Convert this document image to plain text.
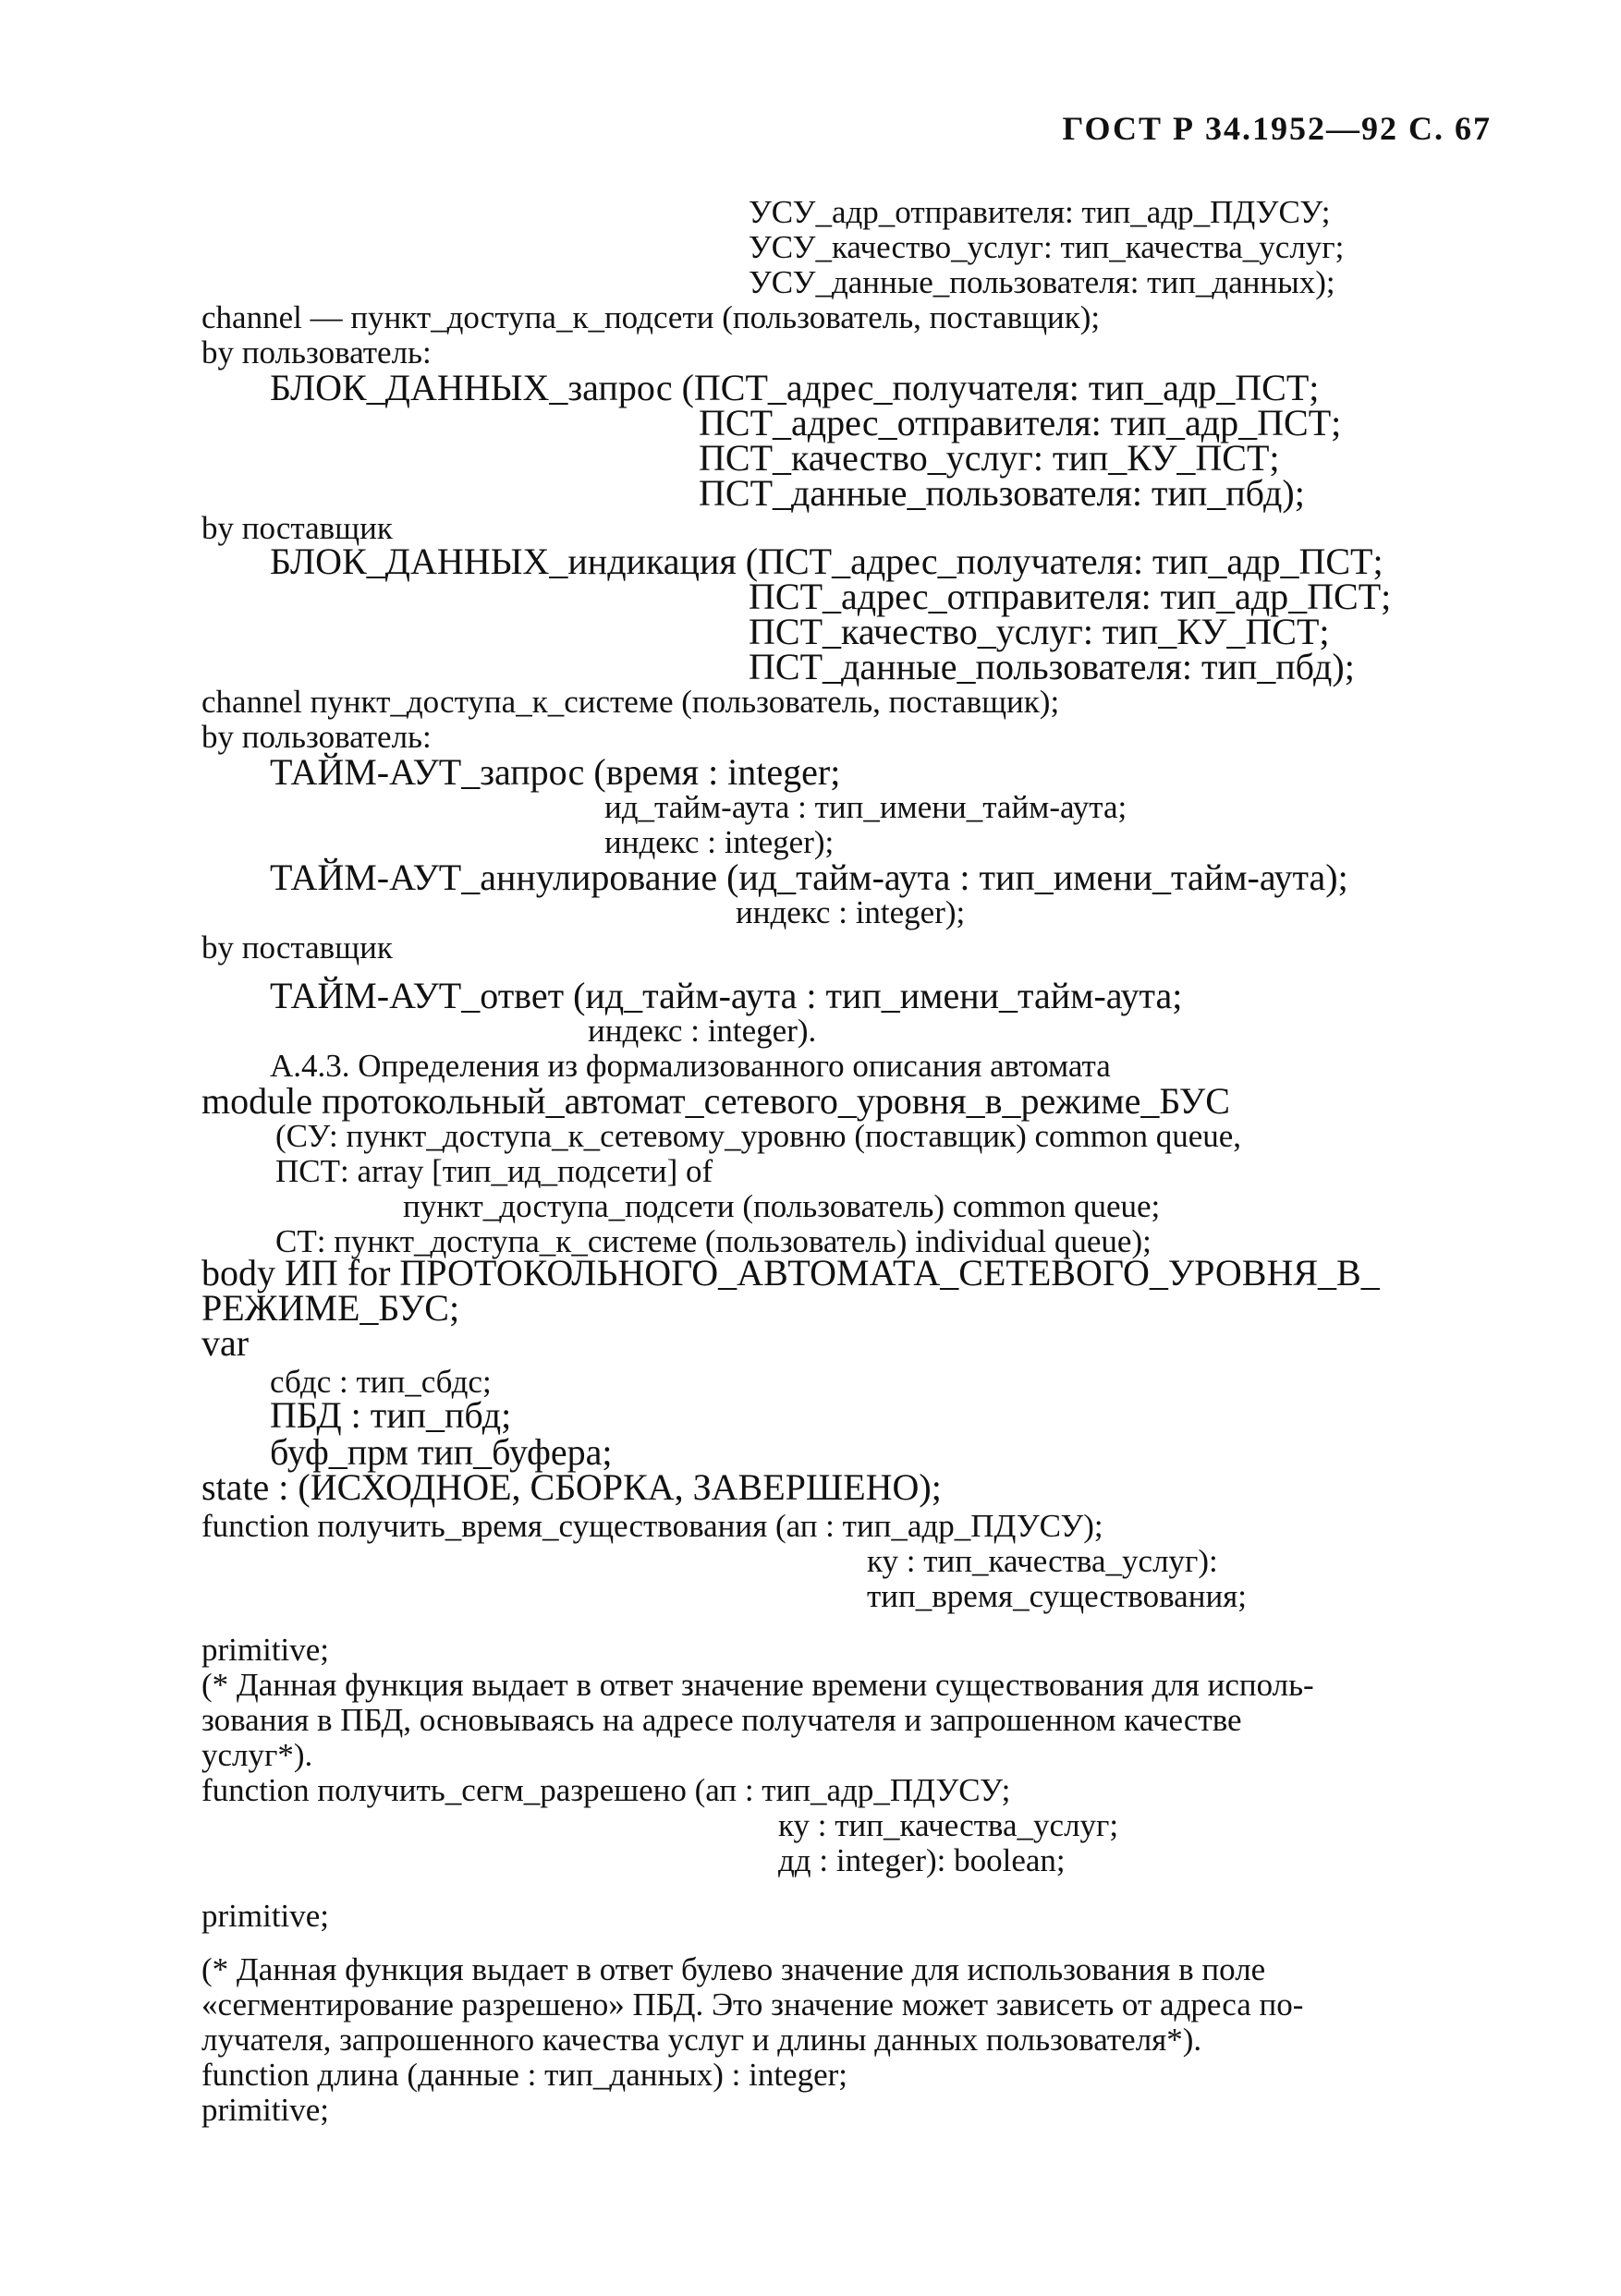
ГОСТ Р 34.1952—92 С. 67
УСУ_адр_отправителя: тип_адр_ПДУСУ;
УСУ_качество_услуг: тип_качества_услуг;
УСУ_данные_пользователя: тип_данных);
channel — пункт_доступа_к_подсети (пользователь, поставщик);
by пользователь:
БЛОК_ДАННЫХ_запрос (ПСТ_адрес_получателя: тип_адр_ПСТ;
ПСТ_адрес_отправителя: тип_адр_ПСТ;
ПСТ_качество_услуг: тип_КУ_ПСТ;
ПСТ_данные_пользователя: тип_пбд);
by поставщик
БЛОК_ДАННЫХ_индикация (ПСТ_адрес_получателя: тип_адр_ПСТ;
ПСТ_адрес_отправителя: тип_адр_ПСТ;
ПСТ_качество_услуг: тип_КУ_ПСТ;
ПСТ_данные_пользователя: тип_пбд);
channel пункт_доступа_к_системе (пользователь, поставщик);
by пользователь:
ТАЙМ-АУТ_запрос (время : integer;
ид_тайм-аута : тип_имени_тайм-аута;
индекс : integer);
ТАЙМ-АУТ_аннулирование (ид_тайм-аута : тип_имени_тайм-аута);
индекс : integer);
by поставщик
ТАЙМ-АУТ_ответ (ид_тайм-аута : тип_имени_тайм-аута;
индекс : integer).
А.4.3. Определения из формализованного описания автомата
module протокольный_автомат_сетевого_уровня_в_режиме_БУС
(СУ: пункт_доступа_к_сетевому_уровню (поставщик) common queue,
ПСТ: array [тип_ид_подсети] of
пункт_доступа_подсети (пользователь) common queue;
СТ: пункт_доступа_к_системе (пользователь) individual queue);
body ИП for ПРОТОКОЛЬНОГО_АВТОМАТА_СЕТЕВОГО_УРОВНЯ_В_
РЕЖИМЕ_БУС;
var
сбдс : тип_сбдс;
ПБД : тип_пбд;
буф_прм тип_буфера;
state : (ИСХОДНОЕ, СБОРКА, ЗАВЕРШЕНО);
function получить_время_существования (ап : тип_адр_ПДУСУ);
ку : тип_качества_услуг):
тип_время_существования;
primitive;
(* Данная функция выдает в ответ значение времени существования для исполь-
зования в ПБД, основываясь на адресе получателя и запрошенном качестве
услуг*).
function получить_сегм_разрешено (ап : тип_адр_ПДУСУ;
ку : тип_качества_услуг;
дд : integer): boolean;
primitive;
(* Данная функция выдает в ответ булево значение для использования в поле
«сегментирование разрешено» ПБД. Это значение может зависеть от адреса по-
лучателя, запрошенного качества услуг и длины данных пользователя*).
function длина (данные : тип_данных) : integer;
primitive;
